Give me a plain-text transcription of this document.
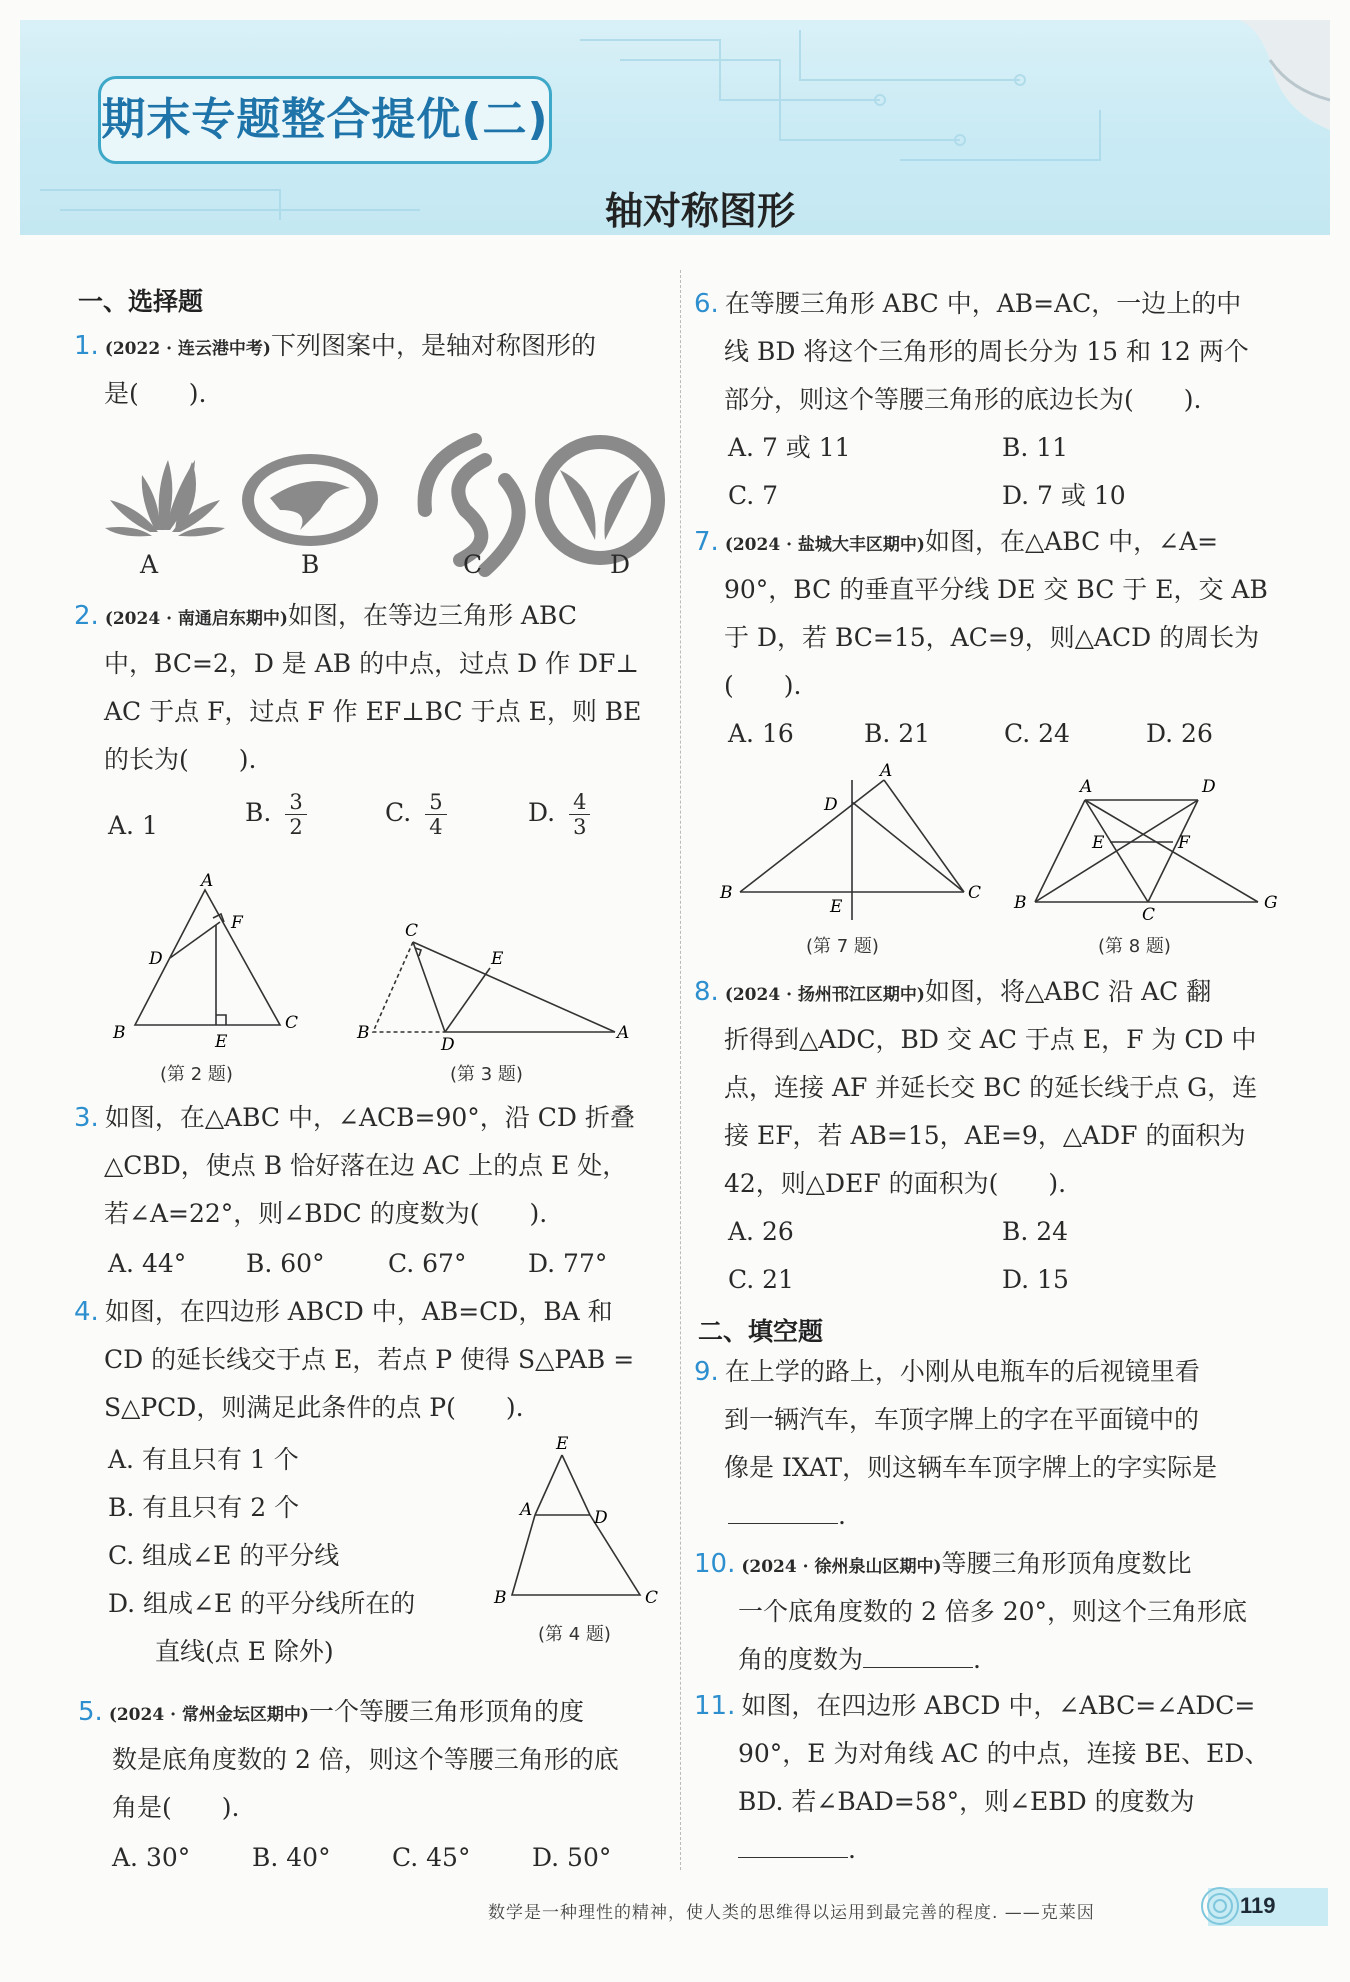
期末专题整合提优(二)
轴对称图形
一、选择题
1. (2022 · 连云港中考)下列图案中，是轴对称图形的
是(　　).
A	B	C	D
2. (2024 · 南通启东期中)如图，在等边三角形 ABC
中，BC=2，D 是 AB 的中点，过点 D 作 DF⊥
AC 于点 F，过点 F 作 EF⊥BC 于点 E，则 BE
的长为(　　).
A. 1	B. $\frac{3}{2}$	C. $\frac{5}{4}$	D. $\frac{4}{3}$
A
F
D
B	E
C
(第 2 题)
C
E
B
D
A
(第 3 题)
3. 如图，在△ABC 中，∠ACB=90°，沿 CD 折叠
△CBD，使点 B 恰好落在边 AC 上的点 E 处，
若∠A=22°，则∠BDC 的度数为(　　).
A. 44° B. 60°	C. 67° D. 77°
4. 如图，在四边形 ABCD 中，AB=CD，BA 和
CD 的延长线交于点 E，若点 P 使得 S△PAB =
S△PCD，则满足此条件的点 P(　　).
A. 有且只有 1 个
B. 有且只有 2 个
C. 组成∠E 的平分线
D. 组成∠E 的平分线所在的
直线(点 E 除外)
E
A	D
B	C
(第 4 题)
5. (2024 · 常州金坛区期中)一个等腰三角形顶角的度
数是底角度数的 2 倍，则这个等腰三角形的底
角是(　　).
A. 30° B. 40° C. 45° D. 50°
6. 在等腰三角形 ABC 中，AB=AC，一边上的中
线 BD 将这个三角形的周长分为 15 和 12 两个
部分，则这个等腰三角形的底边长为(　　).
A. 7 或 11	B. 11
C. 7	D. 7 或 10
7. (2024 · 盐城大丰区期中)如图，在△ABC 中，∠A=
90°，BC 的垂直平分线 DE 交 BC 于 E，交 AB
于 D，若 BC=15，AC=9，则△ACD 的周长为
(　　).
A. 16	B. 21	C. 24	D. 26
A
D
B
E
C
(第 7 题)
A	D
E	F
B
C
G
(第 8 题)
8. (2024 · 扬州邗江区期中)如图，将△ABC 沿 AC 翻
折得到△ADC，BD 交 AC 于点 E，F 为 CD 中
点，连接 AF 并延长交 BC 的延长线于点 G，连
接 EF，若 AB=15，AE=9，△ADF 的面积为
42，则△DEF 的面积为(　　).
A. 26	B. 24
C. 21	D. 15
二、填空题
9. 在上学的路上，小刚从电瓶车的后视镜里看
到一辆汽车，车顶字牌上的字在平面镜中的
像是 IXAT，则这辆车车顶字牌上的字实际是
.
10. (2024 · 徐州泉山区期中)等腰三角形顶角度数比
一个底角度数的 2 倍多 20°，则这个三角形底
角的度数为	.
11. 如图，在四边形 ABCD 中，∠ABC=∠ADC=
90°，E 为对角线 AC 的中点，连接 BE、ED、
BD. 若∠BAD=58°，则∠EBD 的度数为
.
数学是一种理性的精神，使人类的思维得以运用到最完善的程度. ——克莱因	119
